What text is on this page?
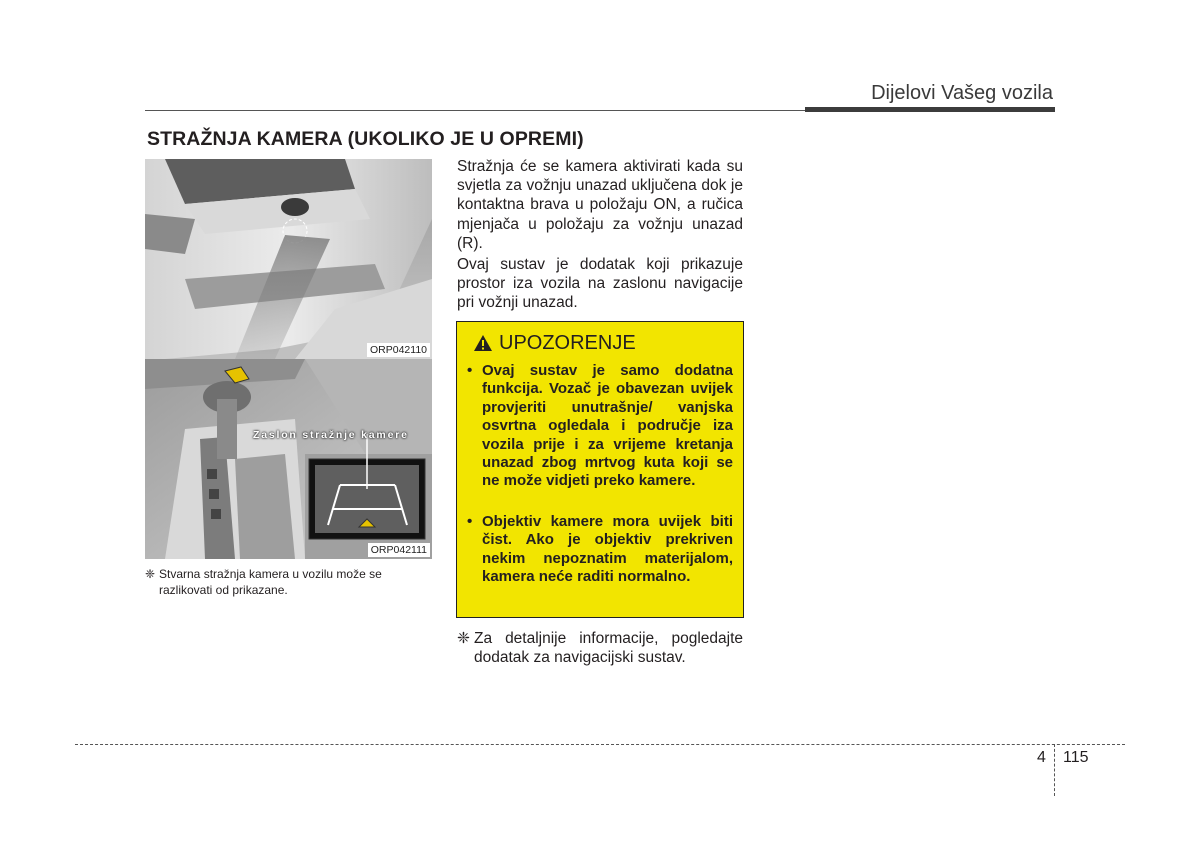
Dijelovi Vašeg vozila
STRAŽNJA KAMERA (UKOLIKO JE U OPREMI)
ORP042110
Zaslon stražnje kamere
ORP042111
❈ Stvarna stražnja kamera u vozilu može se razlikovati od prikazane.
Stražnja će se kamera aktivirati kada su svjetla za vožnju unazad uključena dok je kontaktna brava u položaju ON, a ručica mjenjača u položaju za vožnju unazad (R).
Ovaj sustav je dodatak koji prikazuje prostor iza vozila na zaslonu navigacije pri vožnji unazad.
UPOZORENJE
• Ovaj sustav je samo dodatna funkcija. Vozač je obavezan uvijek provjeriti unutrašnje/ vanjska osvrtna ogledala i područje iza vozila prije i za vrijeme kretanja unazad zbog mrtvog kuta koji se ne može vidjeti preko kamere.
• Objektiv kamere mora uvijek biti čist. Ako je objektiv prekriven nekim nepoznatim materijalom, kamera neće raditi normalno.
❈ Za detaljnije informacije, pogledajte dodatak za navigacijski sustav.
4 115
